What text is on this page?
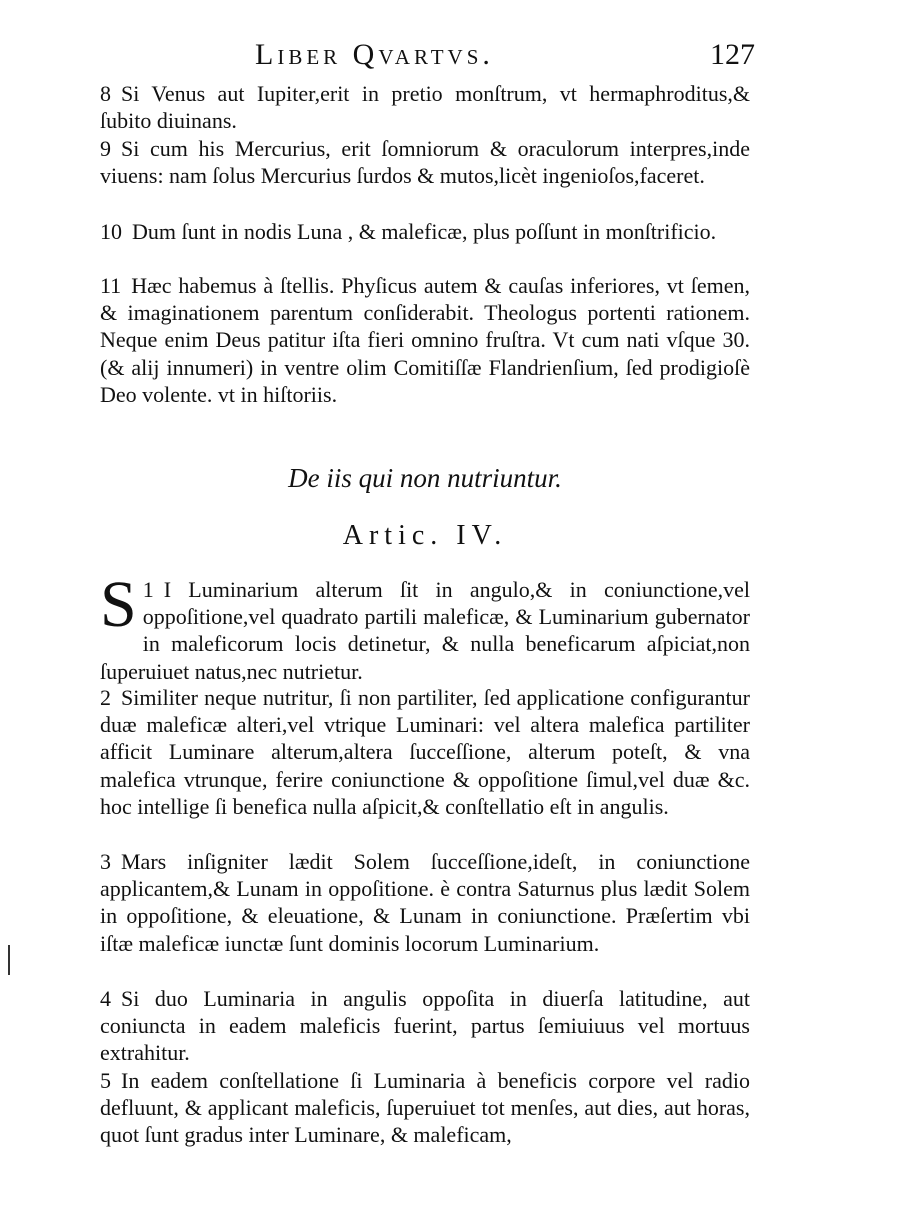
Liber Qvartvs.	127

8 Si Venus aut Iupiter,erit in pretio monſtrum, vt hermaphroditus,& ſubito diuinans.

9 Si cum his Mercurius, erit ſomniorum & oraculorum interpres,inde viuens: nam ſolus Mercurius ſurdos & mutos,licèt ingenioſos,faceret.

10 Dum ſunt in nodis Luna , & maleficæ, plus poſſunt in monſtrificio.

11 Hæc habemus à ſtellis. Phyſicus autem & cauſas inferiores, vt ſemen, & imaginationem parentum conſiderabit. Theologus portenti rationem. Neque enim Deus patitur iſta fieri omnino fruſtra. Vt cum nati vſque 30. (& alij innumeri) in ventre olim Comitiſſæ Flandrienſium, ſed prodigioſè Deo volente. vt in hiſtoriis.

De iis qui non nutriuntur.
Artic. IV.

1
S I Luminarium alterum ſit in angulo,& in coniunctione,vel oppoſitione,vel quadrato partili maleficæ, & Luminarium gubernator in maleficorum locis detinetur, & nulla beneficarum aſpiciat,non ſuperuiuet natus,nec nutrietur.

2 Similiter neque nutritur, ſi non partiliter, ſed applicatione configurantur duæ maleficæ alteri,vel vtrique Luminari: vel altera malefica partiliter afficit Luminare alterum,altera ſucceſſione, alterum poteſt, & vna malefica vtrunque, ferire coniunctione & oppoſitione ſimul,vel duæ &c. hoc intellige ſi benefica nulla aſpicit,& conſtellatio eſt in angulis.

3 Mars inſigniter lædit Solem ſucceſſione,ideſt, in coniunctione applicantem,& Lunam in oppoſitione. è contra Saturnus plus lædit Solem in oppoſitione, & eleuatione, & Lunam in coniunctione. Præſertim vbi iſtæ maleficæ iunctæ ſunt dominis locorum Luminarium.

4 Si duo Luminaria in angulis oppoſita in diuerſa latitudine, aut coniuncta in eadem maleficis fuerint, partus ſemiuiuus vel mortuus extrahitur.

5 In eadem conſtellatione ſi Luminaria à beneficis corpore vel radio defluunt, & applicant maleficis, ſuperuiuet tot menſes, aut dies, aut horas, quot ſunt gradus inter Luminare, & maleficam,
